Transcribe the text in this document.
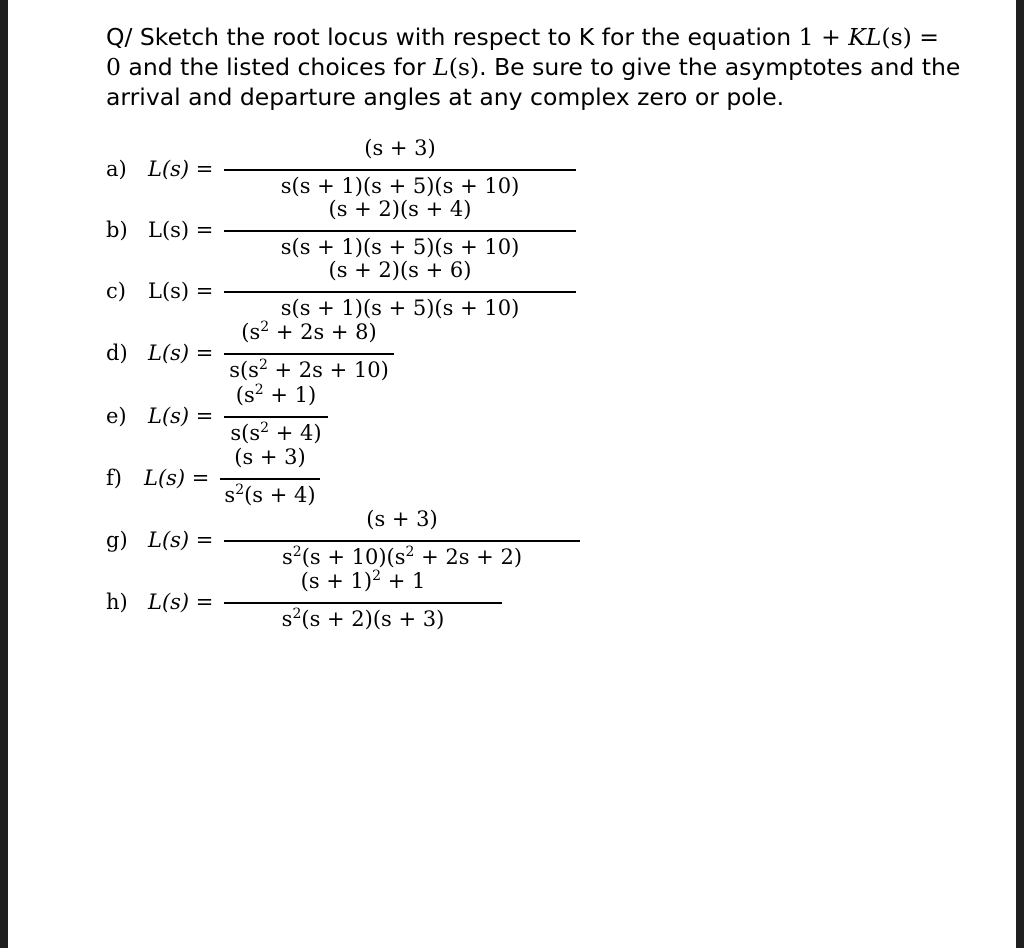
Q/ Sketch the root locus with respect to K for the equation 1 + KL(s) =
0 and the listed choices for L(s). Be sure to give the asymptotes and the arrival and departure angles at any complex zero or pole.
a) L(s) =
(s + 3)
s(s + 1)(s + 5)(s + 10)
b) L(s) =
(s + 2)(s + 4)
s(s + 1)(s + 5)(s + 10)
c) L(s) =
(s + 2)(s + 6)
s(s + 1)(s + 5)(s + 10)
d) L(s) =
$(s^2 + 2s + 8)$
$s(s^2 + 2s + 10)$
e) L(s) =
$(s^2 + 1)$
$s(s^2 + 4)$
f) L(s) =
(s + 3)
$s^2(s + 4)$
g) L(s) =
(s + 3)
$s^2(s + 10)(s^2 + 2s + 2)$
h) L(s) =
$(s + 1)^2 + 1$
$s^2(s + 2)(s + 3)$
